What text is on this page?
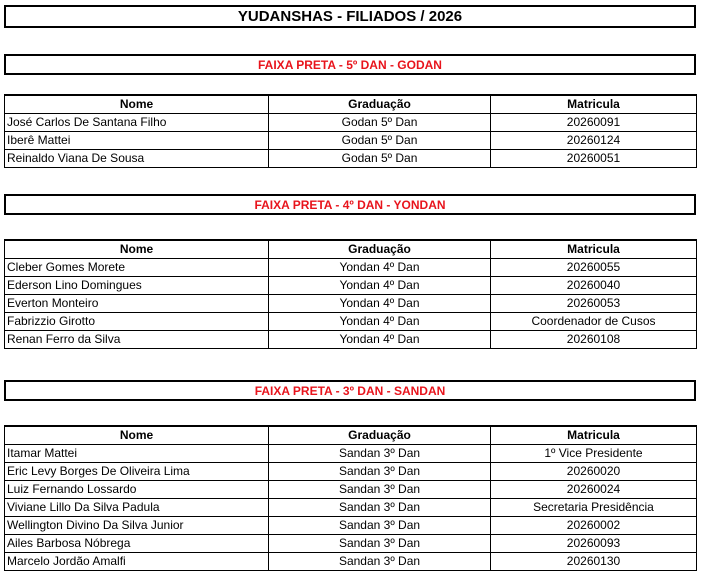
YUDANSHAS - FILIADOS / 2026
FAIXA PRETA - 5º DAN - GODAN
Nome	Graduação	Matricula
José Carlos De Santana Filho	Godan 5º Dan	20260091
Iberê Mattei	Godan 5º Dan	20260124
Reinaldo Viana De Sousa	Godan 5º Dan	20260051
FAIXA PRETA - 4º DAN - YONDAN
Nome	Graduação	Matricula
Cleber Gomes Morete	Yondan 4º Dan	20260055
Ederson Lino Domingues	Yondan 4º Dan	20260040
Everton Monteiro	Yondan 4º Dan	20260053
Fabrizzio Girotto	Yondan 4º Dan	Coordenador de Cusos
Renan Ferro da Silva	Yondan 4º Dan	20260108
FAIXA PRETA - 3º DAN - SANDAN
Nome	Graduação	Matricula
Itamar Mattei	Sandan 3º Dan	1º Vice Presidente
Eric Levy Borges De Oliveira Lima	Sandan 3º Dan	20260020
Luiz Fernando Lossardo	Sandan 3º Dan	20260024
Viviane Lillo Da Silva Padula	Sandan 3º Dan	Secretaria Presidência
Wellington Divino Da Silva Junior	Sandan 3º Dan	20260002
Ailes Barbosa Nóbrega	Sandan 3º Dan	20260093
Marcelo Jordão Amalfi	Sandan 3º Dan	20260130
